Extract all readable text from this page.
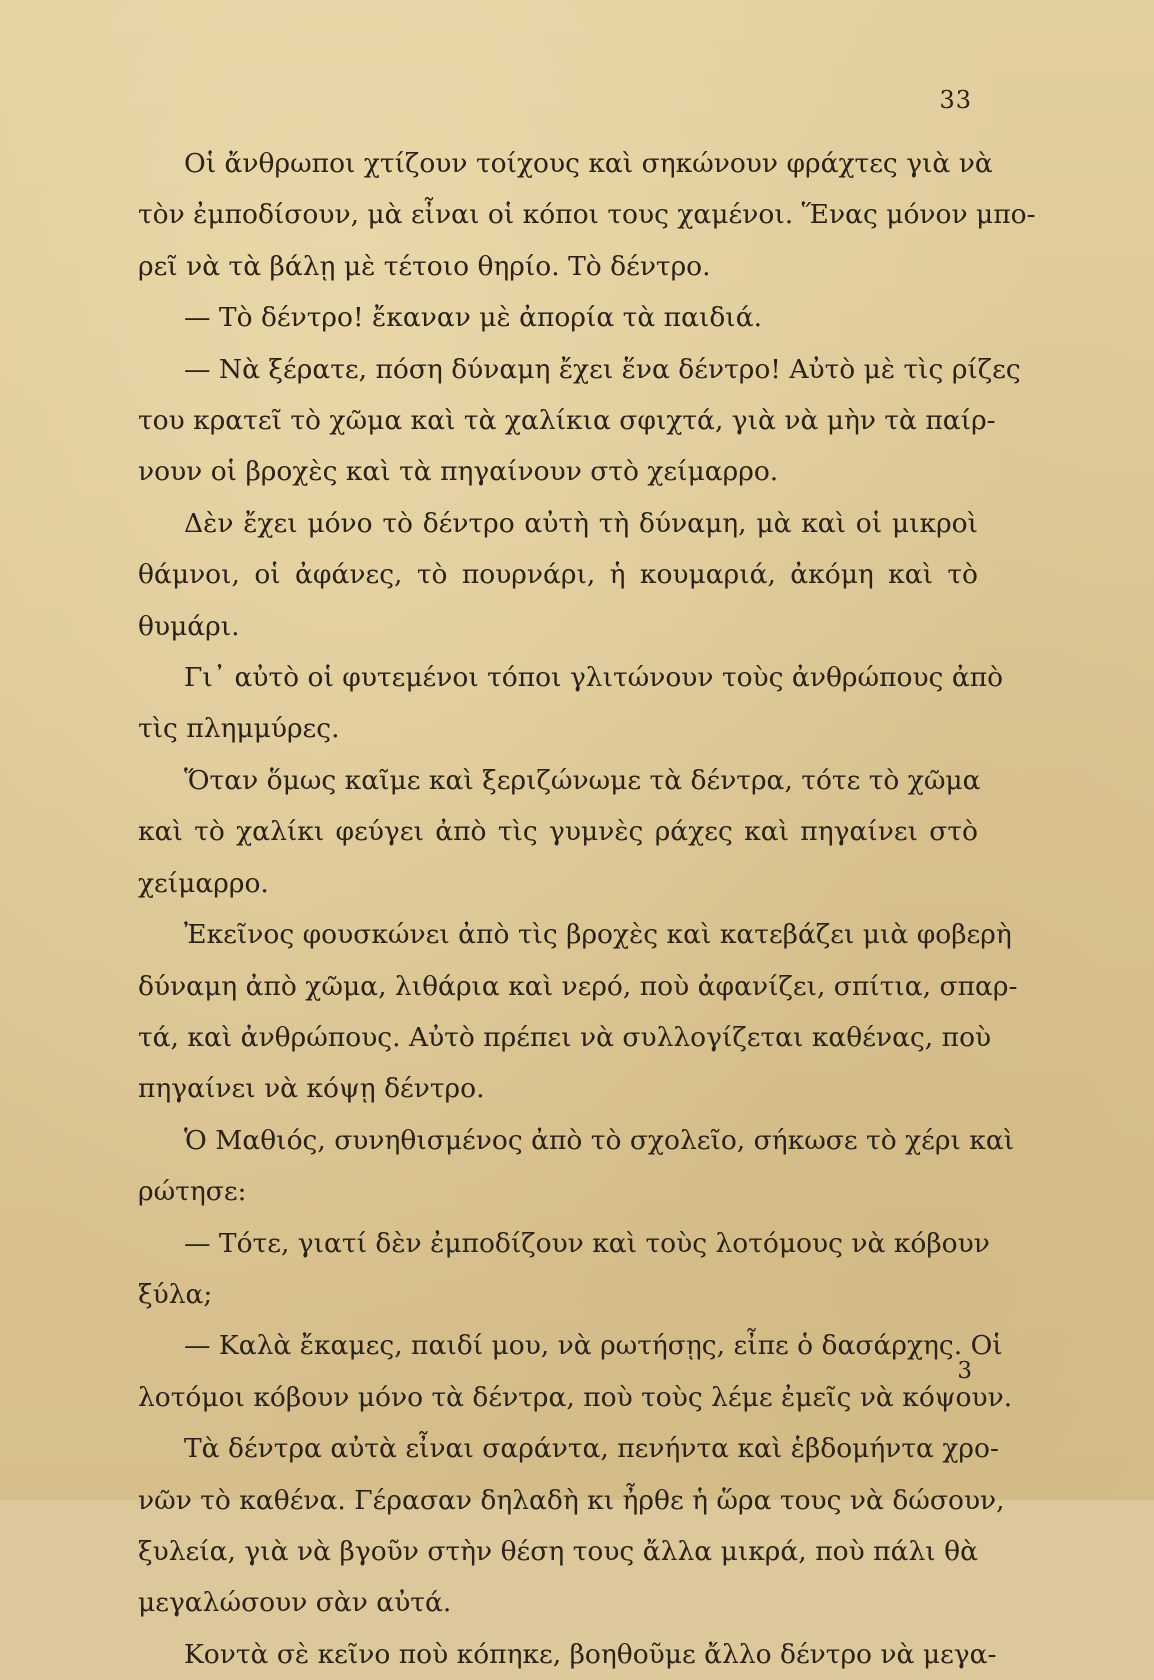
33
Οἱ ἄνθρωποι χτίζουν τοίχους καὶ σηκώνουν φράχτες γιὰ νὰ
τὸν ἐμποδίσουν, μὰ εἶναι οἱ κόποι τους χαμένοι. Ἕνας μόνον μπο-
ρεῖ νὰ τὰ βάλῃ μὲ τέτοιο θηρίο. Τὸ δέντρο.
— Τὸ δέντρο! ἔκαναν μὲ ἀπορία τὰ παιδιά.
— Νὰ ξέρατε, πόση δύναμη ἔχει ἕνα δέντρο! Αὐτὸ μὲ τὶς ρίζες
του κρατεῖ τὸ χῶμα καὶ τὰ χαλίκια σφιχτά, γιὰ νὰ μὴν τὰ παίρ-
νουν οἱ βροχὲς καὶ τὰ πηγαίνουν στὸ χείμαρρο.
Δὲν ἔχει μόνο τὸ δέντρο αὐτὴ τὴ δύναμη, μὰ καὶ οἱ μικροὶ
θάμνοι, οἱ ἀφάνες, τὸ πουρνάρι, ἡ κουμαριά, ἀκόμη καὶ τὸ
θυμάρι.
Γι᾿ αὐτὸ οἱ φυτεμένοι τόποι γλιτώνουν τοὺς ἀνθρώπους ἀπὸ
τὶς πλημμύρες.
Ὅταν ὅμως καῖμε καὶ ξεριζώνωμε τὰ δέντρα, τότε τὸ χῶμα
καὶ τὸ χαλίκι φεύγει ἀπὸ τὶς γυμνὲς ράχες καὶ πηγαίνει στὸ
χείμαρρο.
Ἐκεῖνος φουσκώνει ἀπὸ τὶς βροχὲς καὶ κατεβάζει μιὰ φοβερὴ
δύναμη ἀπὸ χῶμα, λιθάρια καὶ νερό, ποὺ ἀφανίζει, σπίτια, σπαρ-
τά, καὶ ἀνθρώπους. Αὐτὸ πρέπει νὰ συλλογίζεται καθένας, ποὺ
πηγαίνει νὰ κόψῃ δέντρο.
Ὁ Μαθιός, συνηθισμένος ἀπὸ τὸ σχολεῖο, σήκωσε τὸ χέρι καὶ
ρώτησε:
— Τότε, γιατί δὲν ἐμποδίζουν καὶ τοὺς λοτόμους νὰ κόβουν
ξύλα;
— Καλὰ ἔκαμες, παιδί μου, νὰ ρωτήσῃς, εἶπε ὁ δασάρχης. Οἱ
λοτόμοι κόβουν μόνο τὰ δέντρα, ποὺ τοὺς λέμε ἐμεῖς νὰ κόψουν.
Τὰ δέντρα αὐτὰ εἶναι σαράντα, πενήντα καὶ ἑβδομήντα χρο-
νῶν τὸ καθένα. Γέρασαν δηλαδὴ κι ἦρθε ἡ ὥρα τους νὰ δώσουν,
ξυλεία, γιὰ νὰ βγοῦν στὴν θέση τους ἄλλα μικρά, ποὺ πάλι θὰ
μεγαλώσουν σὰν αὐτά.
Κοντὰ σὲ κεῖνο ποὺ κόπηκε, βοηθοῦμε ἄλλο δέντρο νὰ μεγα-
3
